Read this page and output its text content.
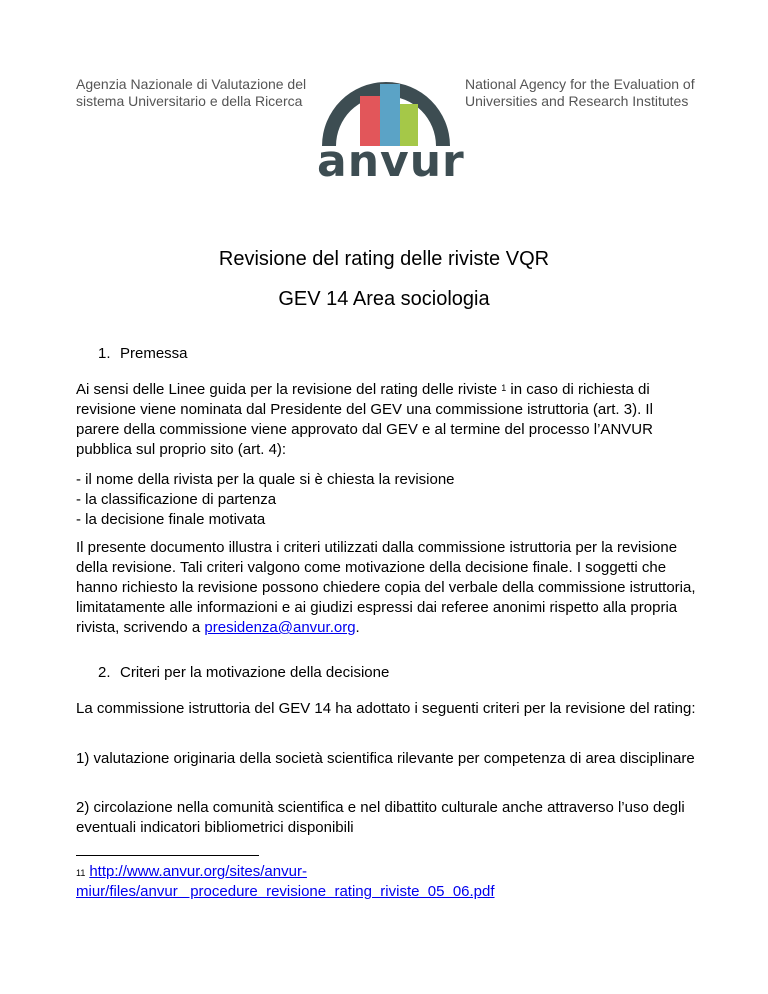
Agenzia Nazionale di Valutazione del
sistema Universitario e della Ricerca
anvur
National Agency for the Evaluation of
Universities and Research Institutes
Revisione del rating delle riviste VQR
GEV 14 Area sociologia
1. Premessa
Ai sensi delle Linee guida per la revisione del rating delle riviste $^1$ in caso di richiesta di revisione viene nominata dal Presidente del GEV una commissione istruttoria (art. 3). Il parere della commissione viene approvato dal GEV e al termine del processo l’ANVUR pubblica sul proprio sito (art. 4):
- il nome della rivista per la quale si è chiesta la revisione
- la classificazione di partenza
- la decisione finale motivata
Il presente documento illustra i criteri utilizzati dalla commissione istruttoria per la revisione della revisione. Tali criteri valgono come motivazione della decisione finale. I soggetti che hanno richiesto la revisione possono chiedere copia del verbale della commissione istruttoria, limitatamente alle informazioni e ai giudizi espressi dai referee anonimi rispetto alla propria rivista, scrivendo a presidenza@anvur.org.
2. Criteri per la motivazione della decisione
La commissione istruttoria del GEV 14 ha adottato i seguenti criteri per la revisione del rating:
1) valutazione originaria della società scientifica rilevante per competenza di area disciplinare
2) circolazione nella comunità scientifica e nel dibattito culturale anche attraverso l’uso degli eventuali indicatori bibliometrici disponibili
$^{11}$ http://www.anvur.org/sites/anvur-
miur/files/anvur   procedure  revisione  rating  riviste  05  06.pdf
